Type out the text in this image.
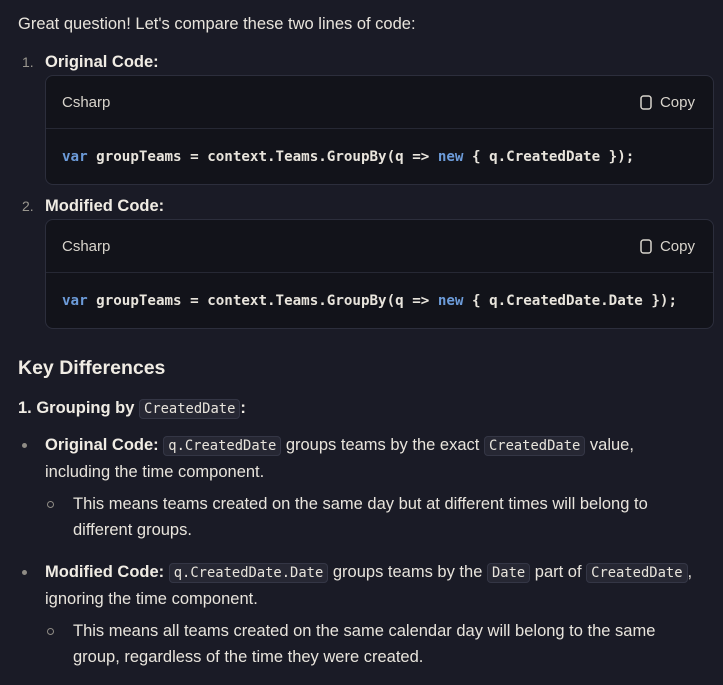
Great question! Let's compare these two lines of code:

1. Original Code:
Csharp	Copy
var groupTeams = context.Teams.GroupBy(q => new { q.CreatedDate });
2. Modified Code:
Csharp	Copy
var groupTeams = context.Teams.GroupBy(q => new { q.CreatedDate.Date });
Key Differences

1. Grouping by CreatedDate :

Original Code: q.CreatedDate groups teams by the exact CreatedDate value, including the time component.
This means teams created on the same day but at different times will belong to different groups.
Modified Code: q.CreatedDate.Date groups teams by the Date part of CreatedDate , ignoring the time component.
This means all teams created on the same calendar day will belong to the same group, regardless of the time they were created.
